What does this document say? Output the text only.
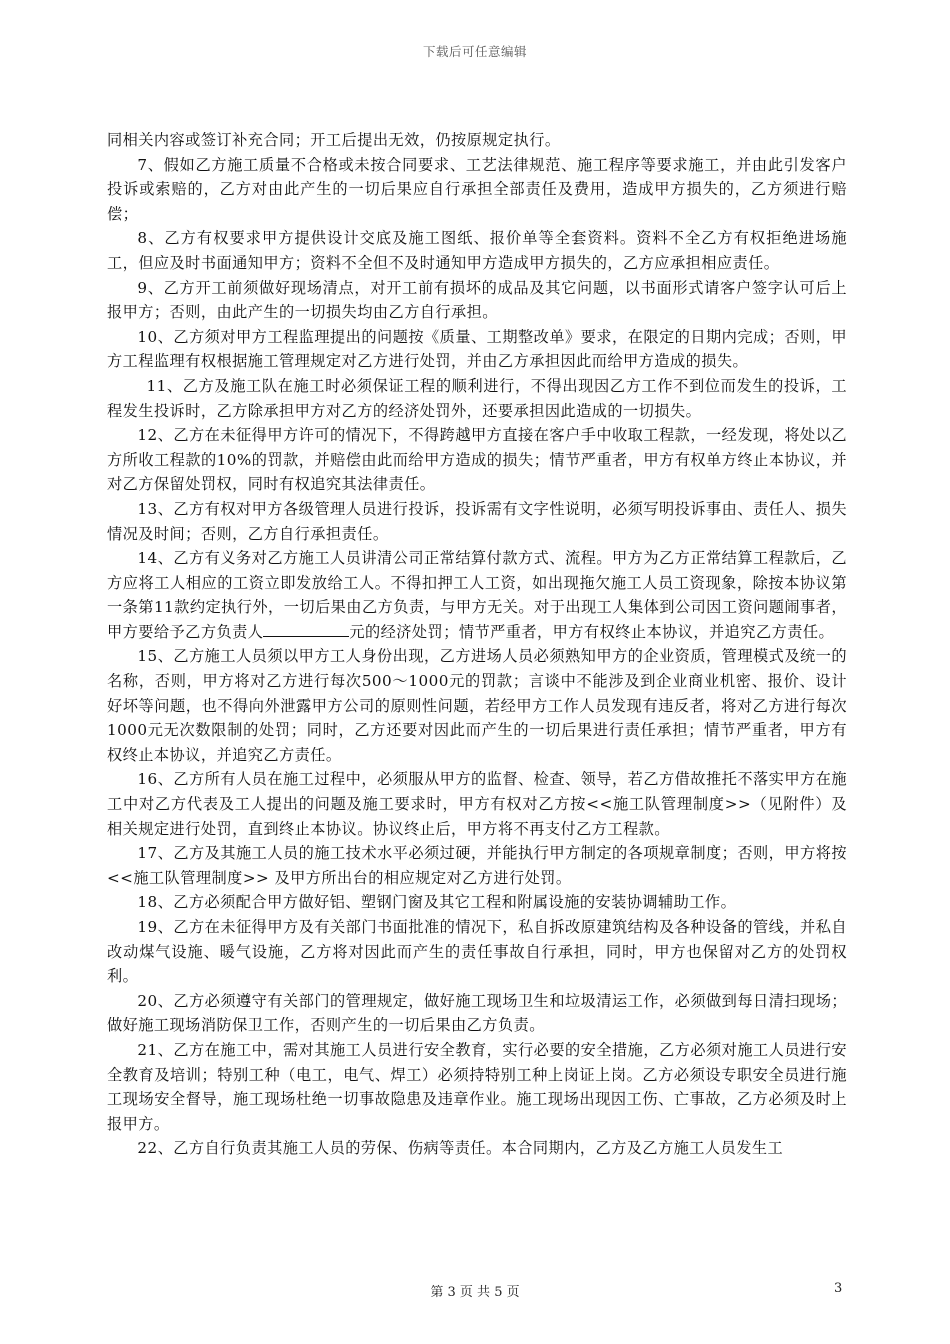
下载后可任意编辑

同相关内容或签订补充合同；开工后提出无效，仍按原规定执行。

7、假如乙方施工质量不合格或未按合同要求、工艺法律规范、施工程序等要求施工，并由此引发客户投诉或索赔的，乙方对由此产生的一切后果应自行承担全部责任及费用，造成甲方损失的，乙方须进行赔偿；

8、乙方有权要求甲方提供设计交底及施工图纸、报价单等全套资料。资料不全乙方有权拒绝进场施工，但应及时书面通知甲方；资料不全但不及时通知甲方造成甲方损失的，乙方应承担相应责任。

9、乙方开工前须做好现场清点，对开工前有损坏的成品及其它问题，以书面形式请客户签字认可后上报甲方；否则，由此产生的一切损失均由乙方自行承担。

10、乙方须对甲方工程监理提出的问题按《质量、工期整改单》要求，在限定的日期内完成；否则，甲方工程监理有权根据施工管理规定对乙方进行处罚，并由乙方承担因此而给甲方造成的损失。

11、乙方及施工队在施工时必须保证工程的顺利进行，不得出现因乙方工作不到位而发生的投诉，工程发生投诉时，乙方除承担甲方对乙方的经济处罚外，还要承担因此造成的一切损失。

12、乙方在未征得甲方许可的情况下，不得跨越甲方直接在客户手中收取工程款，一经发现，将处以乙方所收工程款的10%的罚款，并赔偿由此而给甲方造成的损失；情节严重者，甲方有权单方终止本协议，并对乙方保留处罚权，同时有权追究其法律责任。

13、乙方有权对甲方各级管理人员进行投诉，投诉需有文字性说明，必须写明投诉事由、责任人、损失情况及时间；否则，乙方自行承担责任。

14、乙方有义务对乙方施工人员讲清公司正常结算付款方式、流程。甲方为乙方正常结算工程款后，乙方应将工人相应的工资立即发放给工人。不得扣押工人工资，如出现拖欠施工人员工资现象，除按本协议第一条第11款约定执行外，一切后果由乙方负责，与甲方无关。对于出现工人集体到公司因工资问题闹事者，甲方要给予乙方负责人	元的经济处罚；情节严重者，甲方有权终止本协议，并追究乙方责任。

15、乙方施工人员须以甲方工人身份出现，乙方进场人员必须熟知甲方的企业资质，管理模式及统一的名称，否则，甲方将对乙方进行每次500～1000元的罚款；言谈中不能涉及到企业商业机密、报价、设计好坏等问题，也不得向外泄露甲方公司的原则性问题，若经甲方工作人员发现有违反者，将对乙方进行每次1000元无次数限制的处罚；同时，乙方还要对因此而产生的一切后果进行责任承担；情节严重者，甲方有权终止本协议，并追究乙方责任。

16、乙方所有人员在施工过程中，必须服从甲方的监督、检查、领导，若乙方借故推托不落实甲方在施工中对乙方代表及工人提出的问题及施工要求时，甲方有权对乙方按<<施工队管理制度>>（见附件）及相关规定进行处罚，直到终止本协议。协议终止后，甲方将不再支付乙方工程款。

17、乙方及其施工人员的施工技术水平必须过硬，并能执行甲方制定的各项规章制度；否则，甲方将按<<施工队管理制度>> 及甲方所出台的相应规定对乙方进行处罚。

18、乙方必须配合甲方做好铝、塑钢门窗及其它工程和附属设施的安装协调辅助工作。

19、乙方在未征得甲方及有关部门书面批准的情况下，私自拆改原建筑结构及各种设备的管线，并私自改动煤气设施、暖气设施，乙方将对因此而产生的责任事故自行承担，同时，甲方也保留对乙方的处罚权利。

20、乙方必须遵守有关部门的管理规定，做好施工现场卫生和垃圾清运工作，必须做到每日清扫现场；做好施工现场消防保卫工作，否则产生的一切后果由乙方负责。

21、乙方在施工中，需对其施工人员进行安全教育，实行必要的安全措施，乙方必须对施工人员进行安全教育及培训；特别工种（电工，电气、焊工）必须持特别工种上岗证上岗。乙方必须设专职安全员进行施工现场安全督导，施工现场杜绝一切事故隐患及违章作业。施工现场出现因工伤、亡事故，乙方必须及时上报甲方。

22、乙方自行负责其施工人员的劳保、伤病等责任。本合同期内，乙方及乙方施工人员发生工

第 3 页 共 5 页	3
